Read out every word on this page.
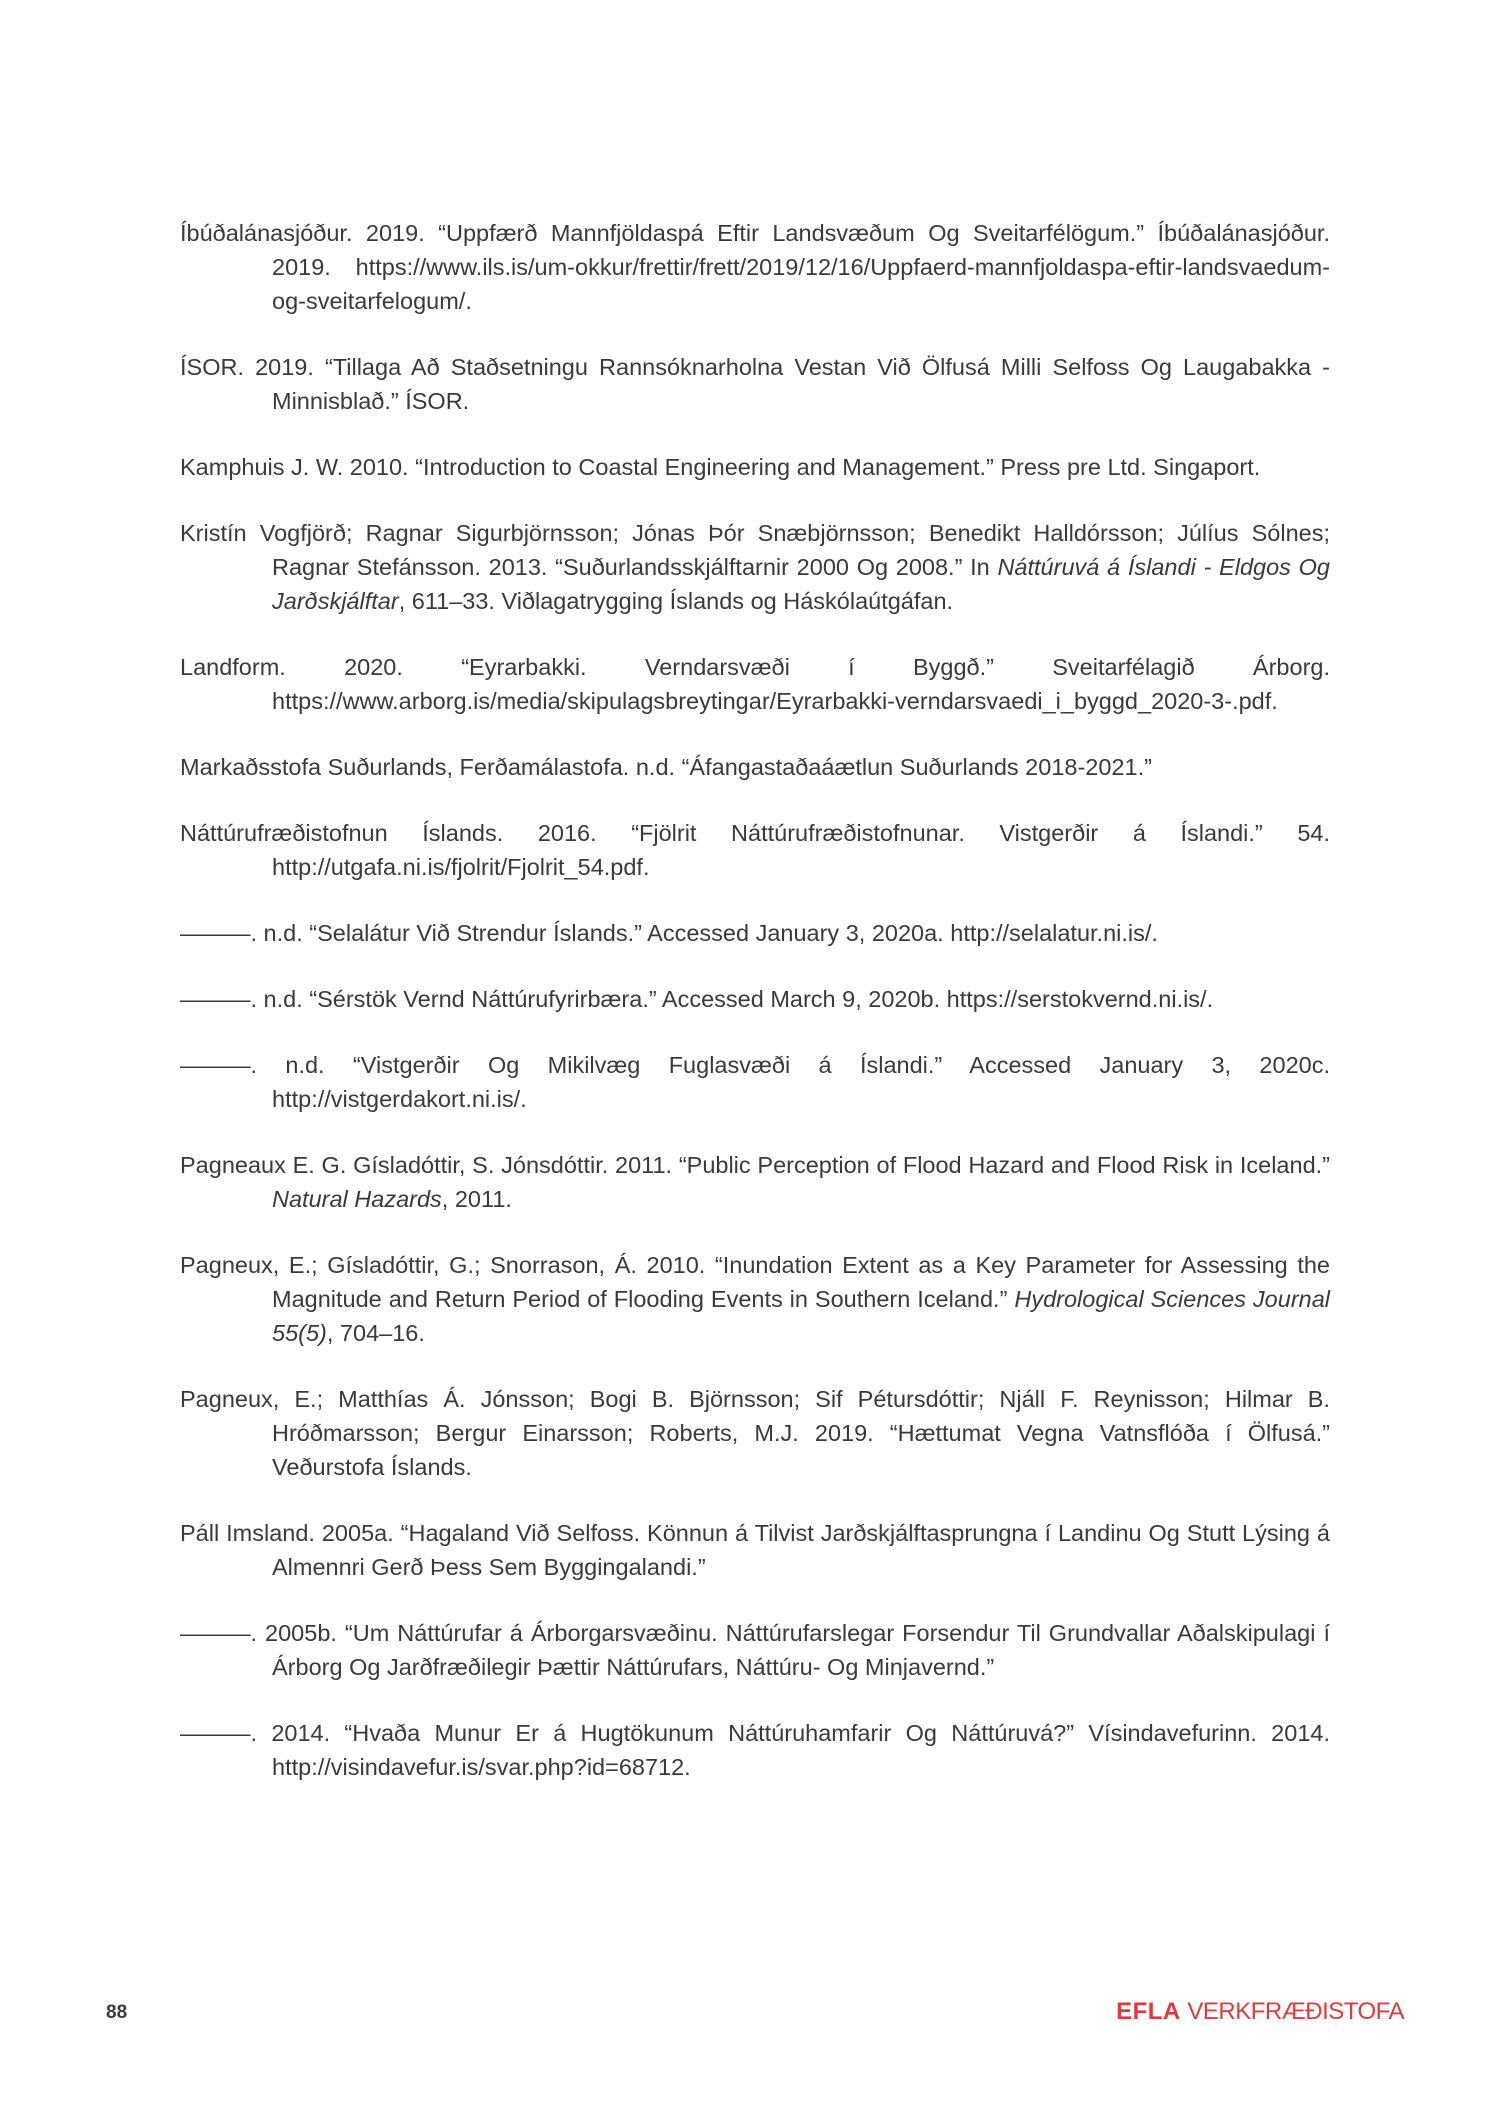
Íbúðalánasjóður. 2019. “Uppfærð Mannfjöldaspá Eftir Landsvæðum Og Sveitarfélögum.” Íbúðalánasjóður. 2019. https://www.ils.is/um-okkur/frettir/frett/2019/12/16/Uppfaerd-mannfjoldaspa-eftir-landsvaedum-og-sveitarfelogum/.

ÍSOR. 2019. “Tillaga Að Staðsetningu Rannsóknarholna Vestan Við Ölfusá Milli Selfoss Og Laugabakka - Minnisblað.” ÍSOR.

Kamphuis J. W. 2010. “Introduction to Coastal Engineering and Management.” Press pre Ltd. Singaport.

Kristín Vogfjörð; Ragnar Sigurbjörnsson; Jónas Þór Snæbjörnsson; Benedikt Halldórsson; Júlíus Sólnes; Ragnar Stefánsson. 2013. “Suðurlandsskjálftarnir 2000 Og 2008.” In Náttúruvá á Íslandi - Eldgos Og Jarðskjálftar, 611–33. Viðlagatrygging Íslands og Háskólaútgáfan.

Landform. 2020. “Eyrarbakki. Verndarsvæði í Byggð.” Sveitarfélagið Árborg. https://www.arborg.is/media/skipulagsbreytingar/Eyrarbakki-verndarsvaedi_i_byggd_2020-3-.pdf.

Markaðsstofa Suðurlands, Ferðamálastofa. n.d. “Áfangastaðaáætlun Suðurlands 2018-2021.”

Náttúrufræðistofnun Íslands. 2016. “Fjölrit Náttúrufræðistofnunar. Vistgerðir á Íslandi.” 54. http://utgafa.ni.is/fjolrit/Fjolrit_54.pdf.

———. n.d. “Selalátur Við Strendur Íslands.” Accessed January 3, 2020a. http://selalatur.ni.is/.

———. n.d. “Sérstök Vernd Náttúrufyrirbæra.” Accessed March 9, 2020b. https://serstokvernd.ni.is/.

———. n.d. “Vistgerðir Og Mikilvæg Fuglasvæði á Íslandi.” Accessed January 3, 2020c. http://vistgerdakort.ni.is/.

Pagneaux E. G. Gísladóttir, S. Jónsdóttir. 2011. “Public Perception of Flood Hazard and Flood Risk in Iceland.” Natural Hazards, 2011.

Pagneux, E.; Gísladóttir, G.; Snorrason, Á. 2010. “Inundation Extent as a Key Parameter for Assessing the Magnitude and Return Period of Flooding Events in Southern Iceland.” Hydrological Sciences Journal 55(5), 704–16.

Pagneux, E.; Matthías Á. Jónsson; Bogi B. Björnsson; Sif Pétursdóttir; Njáll F. Reynisson; Hilmar B. Hróðmarsson; Bergur Einarsson; Roberts, M.J. 2019. “Hættumat Vegna Vatnsflóða í Ölfusá.” Veðurstofa Íslands.

Páll Imsland. 2005a. “Hagaland Við Selfoss. Könnun á Tilvist Jarðskjálftasprungna í Landinu Og Stutt Lýsing á Almennri Gerð Þess Sem Byggingalandi.”

———. 2005b. “Um Náttúrufar á Árborgarsvæðinu. Náttúrufarslegar Forsendur Til Grundvallar Aðalskipulagi í Árborg Og Jarðfræðilegir Þættir Náttúrufars, Náttúru- Og Minjavernd.”

———. 2014. “Hvaða Munur Er á Hugtökunum Náttúruhamfarir Og Náttúruvá?” Vísindavefurinn. 2014. http://visindavefur.is/svar.php?id=68712.

88	EFLA VERKFRÆÐISTOFA
